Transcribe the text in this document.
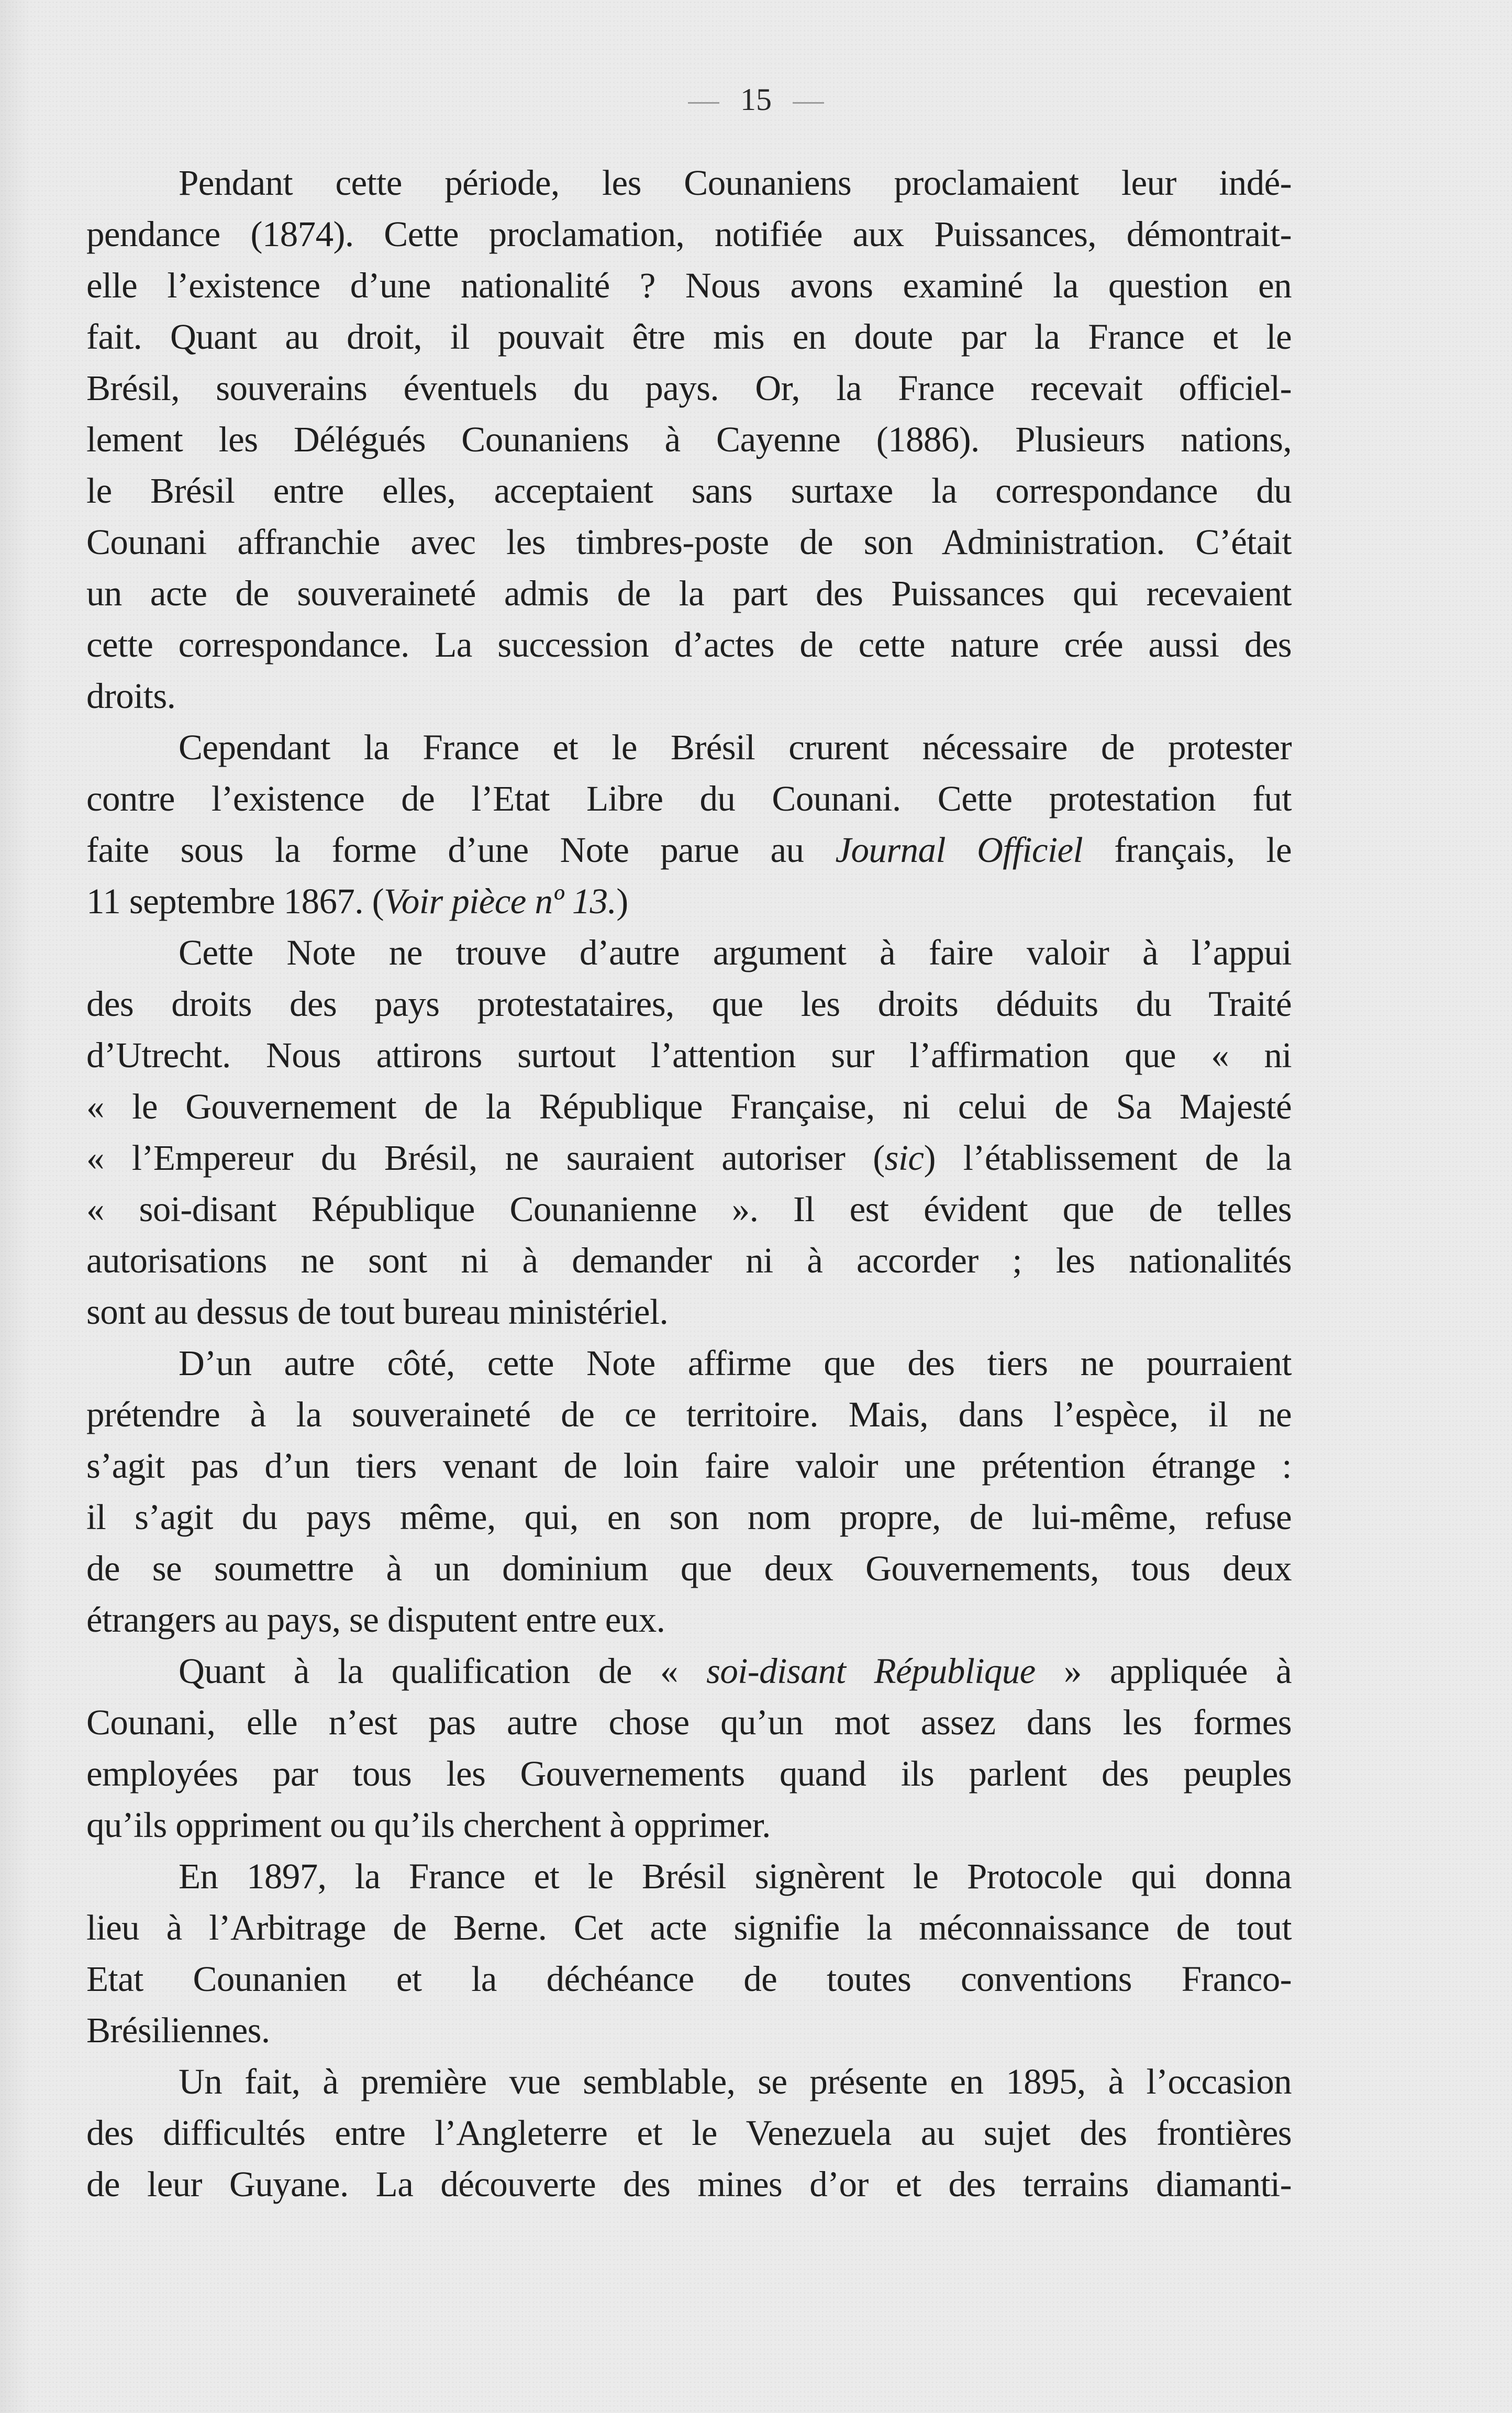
15
Pendant cette période, les Counaniens proclamaient leur indé-
pendance (1874). Cette proclamation, notifiée aux Puissances, démontrait-
elle l’existence d’une nationalité ? Nous avons examiné la question en
fait. Quant au droit, il pouvait être mis en doute par la France et le
Brésil, souverains éventuels du pays. Or, la France recevait officiel-
lement les Délégués Counaniens à Cayenne (1886). Plusieurs nations,
le Brésil entre elles, acceptaient sans surtaxe la correspondance du
Counani affranchie avec les timbres-poste de son Administration. C’était
un acte de souveraineté admis de la part des Puissances qui recevaient
cette correspondance. La succession d’actes de cette nature crée aussi des
droits.
Cependant la France et le Brésil crurent nécessaire de protester
contre l’existence de l’Etat Libre du Counani. Cette protestation fut
faite sous la forme d’une Note parue au Journal Officiel français, le
11 septembre 1867. (Voir pièce nº 13.)
Cette Note ne trouve d’autre argument à faire valoir à l’appui
des droits des pays protestataires, que les droits déduits du Traité
d’Utrecht. Nous attirons surtout l’attention sur l’affirmation que « ni
« le Gouvernement de la République Française, ni celui de Sa Majesté
« l’Empereur du Brésil, ne sauraient autoriser (sic) l’établissement de la
« soi-disant République Counanienne ». Il est évident que de telles
autorisations ne sont ni à demander ni à accorder ; les nationalités
sont au dessus de tout bureau ministériel.
D’un autre côté, cette Note affirme que des tiers ne pourraient
prétendre à la souveraineté de ce territoire. Mais, dans l’espèce, il ne
s’agit pas d’un tiers venant de loin faire valoir une prétention étrange :
il s’agit du pays même, qui, en son nom propre, de lui-même, refuse
de se soumettre à un dominium que deux Gouvernements, tous deux
étrangers au pays, se disputent entre eux.
Quant à la qualification de « soi-disant République » appliquée à
Counani, elle n’est pas autre chose qu’un mot assez dans les formes
employées par tous les Gouvernements quand ils parlent des peuples
qu’ils oppriment ou qu’ils cherchent à opprimer.
En 1897, la France et le Brésil signèrent le Protocole qui donna
lieu à l’Arbitrage de Berne. Cet acte signifie la méconnaissance de tout
Etat Counanien et la déchéance de toutes conventions Franco-
Brésiliennes.
Un fait, à première vue semblable, se présente en 1895, à l’occasion
des difficultés entre l’Angleterre et le Venezuela au sujet des frontières
de leur Guyane. La découverte des mines d’or et des terrains diamanti-
